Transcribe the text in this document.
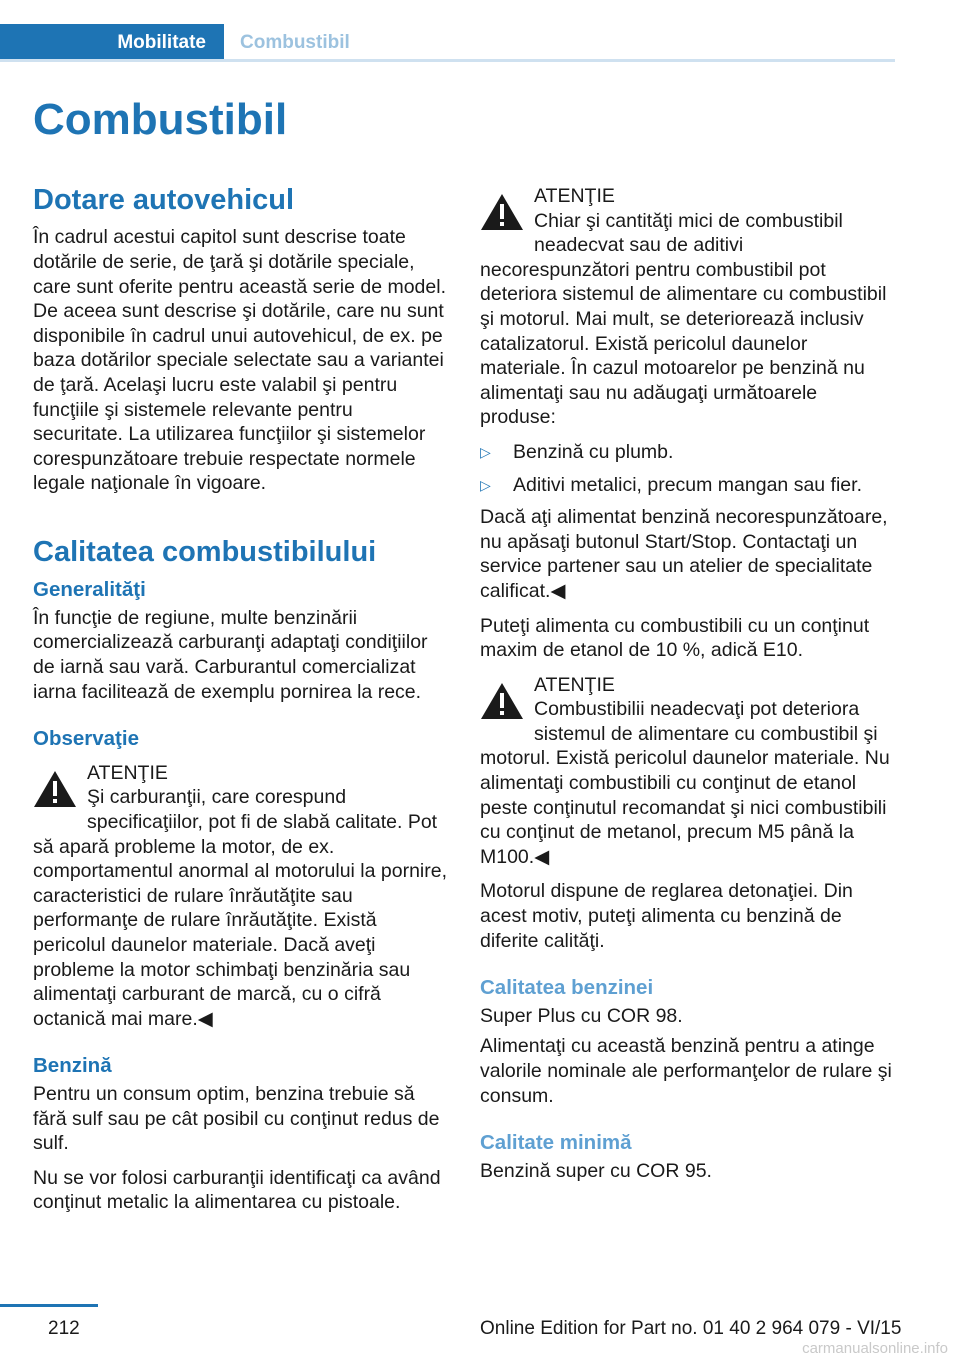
Mobilitate	Combustibil
Combustibil
Dotare autovehicul

În cadrul acestui capitol sunt descrise toate dotările de serie, de ţară şi dotările speciale, care sunt oferite pentru această serie de model. De aceea sunt descrise şi dotările, care nu sunt disponibile în cadrul unui autovehicul, de ex. pe baza dotărilor speciale selectate sau a variantei de ţară. Acelaşi lucru este valabil şi pentru funcţiile şi sistemele relevante pentru securitate. La utilizarea funcţiilor şi sistemelor corespunzătoare trebuie respectate normele legale naţionale în vigoare.

Calitatea combustibilului
Generalităţi

În funcţie de regiune, multe benzinării comercializează carburanţi adaptaţi condiţiilor de iarnă sau vară. Carburantul comercializat iarna facilitează de exemplu pornirea la rece.

Observaţie
ATENŢIE

Şi carburanţii, care corespund specificaţiilor, pot fi de slabă calitate. Pot să apară probleme la motor, de ex. comportamentul anormal al motorului la pornire, caracteristici de rulare înrăutăţite sau performanţe de rulare înrăutăţite. Există pericolul daunelor materiale. Dacă aveţi probleme la motor schimbaţi benzinăria sau alimentaţi carburant de marcă, cu o cifră octanică mai mare.◀

Benzină

Pentru un consum optim, benzina trebuie să fără sulf sau pe cât posibil cu conţinut redus de sulf.

Nu se vor folosi carburanţii identificaţi ca având conţinut metalic la alimentarea cu pistoale.

ATENŢIE

Chiar şi cantităţi mici de combustibil neadecvat sau de aditivi necorespunzători pentru combustibil pot deteriora sistemul de alimentare cu combustibil şi motorul. Mai mult, se deteriorează inclusiv catalizatorul. Există pericolul daunelor materiale. În cazul motoarelor pe benzină nu alimentaţi sau nu adăugaţi următoarele produse:

▷ Benzină cu plumb.
▷ Aditivi metalici, precum mangan sau fier.

Dacă aţi alimentat benzină necorespunzătoare, nu apăsaţi butonul Start/Stop. Contactaţi un service partener sau un atelier de specialitate calificat.◀

Puteţi alimenta cu combustibili cu un conţinut maxim de etanol de 10 %, adică E10.

ATENŢIE

Combustibilii neadecvaţi pot deteriora sistemul de alimentare cu combustibil şi motorul. Există pericolul daunelor materiale. Nu alimentaţi combustibili cu conţinut de etanol peste conţinutul recomandat şi nici combustibili cu conţinut de metanol, precum M5 până la M100.◀

Motorul dispune de reglarea detonaţiei. Din acest motiv, puteţi alimenta cu benzină de diferite calităţi.

Calitatea benzinei

Super Plus cu COR 98.

Alimentaţi cu această benzină pentru a atinge valorile nominale ale performanţelor de rulare şi consum.

Calitate minimă

Benzină super cu COR 95.

212	Online Edition for Part no. 01 40 2 964 079 - VI/15
carmanualsonline.info
